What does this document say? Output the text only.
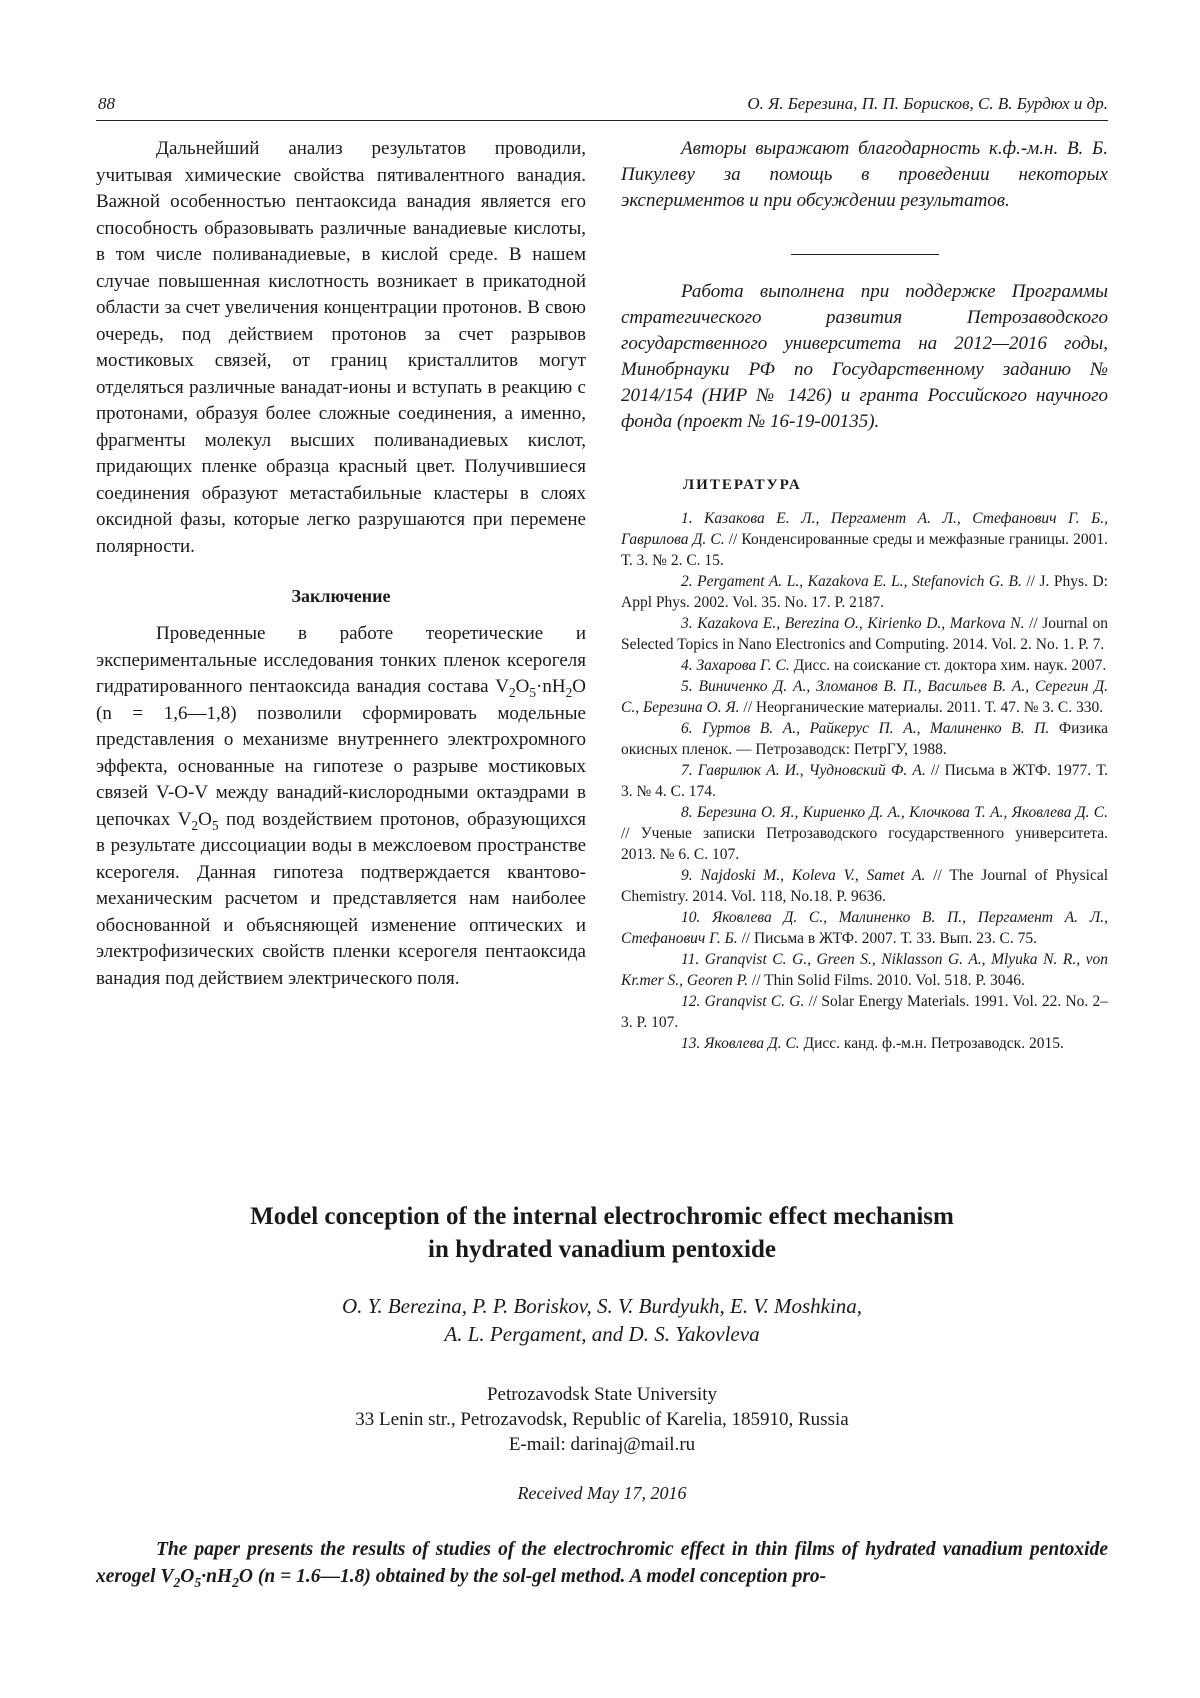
88	О. Я. Березина, П. П. Борисков, С. В. Бурдюх и др.

Дальнейший анализ результатов проводили, учитывая химические свойства пятивалентного ванадия. Важной особенностью пентаоксида ванадия является его способность образовывать различные ванадиевые кислоты, в том числе поливанадиевые, в кислой среде. В нашем случае повышенная кислотность возникает в прикатодной области за счет увеличения концентрации протонов. В свою очередь, под действием протонов за счет разрывов мостиковых связей, от границ кристаллитов могут отделяться различные ванадат-ионы и вступать в реакцию с протонами, образуя более сложные соединения, а именно, фрагменты молекул высших поливанадиевых кислот, придающих пленке образца красный цвет. Получившиеся соединения образуют метастабильные кластеры в слоях оксидной фазы, которые легко разрушаются при перемене полярности.

Заключение

Проведенные в работе теоретические и экспериментальные исследования тонких пленок ксерогеля гидратированного пентаоксида ванадия состава $V_2O_5\cdot nH_2O$ (n = 1,6—1,8) позволили сформировать модельные представления о механизме внутреннего электрохромного эффекта, основанные на гипотезе о разрыве мостиковых связей V-O-V между ванадий-кислородными октаэдрами в цепочках $V_2O_5$ под воздействием протонов, образующихся в результате диссоциации воды в межслоевом пространстве ксерогеля. Данная гипотеза подтверждается квантово-механическим расчетом и представляется нам наиболее обоснованной и объясняющей изменение оптических и электрофизических свойств пленки ксерогеля пентаоксида ванадия под действием электрического поля.

Авторы выражают благодарность к.ф.-м.н. В. Б. Пикулеву за помощь в проведении некоторых экспериментов и при обсуждении результатов.

Работа выполнена при поддержке Программы стратегического развития Петрозаводского государственного университета на 2012—2016 годы, Минобрнауки РФ по Государственному заданию № 2014/154 (НИР № 1426) и гранта Российского научного фонда (проект № 16-19-00135).

ЛИТЕРАТУРА
1. Казакова Е. Л., Пергамент А. Л., Стефанович Г. Б., Гаврилова Д. С. // Конденсированные среды и межфазные границы. 2001. Т. 3. № 2. С. 15.
2. Pergament A. L., Kazakova E. L., Stefanovich G. B. // J. Phys. D: Appl Phys. 2002. Vol. 35. No. 17. P. 2187.
3. Kazakova E., Berezina O., Kirienko D., Markova N. // Journal on Selected Topics in Nano Electronics and Computing. 2014. Vol. 2. No. 1. P. 7.
4. Захарова Г. С. Дисс. на соискание ст. доктора хим. наук. 2007.
5. Виниченко Д. А., Зломанов В. П., Васильев В. А., Серегин Д. С., Березина О. Я. // Неорганические материалы. 2011. Т. 47. № 3. С. 330.
6. Гуртов В. А., Райкерус П. А., Малиненко В. П. Физика окисных пленок. — Петрозаводск: ПетрГУ, 1988.
7. Гаврилюк А. И., Чудновский Ф. А. // Письма в ЖТФ. 1977. Т. 3. № 4. С. 174.
8. Березина О. Я., Кириенко Д. А., Клочкова Т. А., Яковлева Д. С. // Ученые записки Петрозаводского государственного университета. 2013. № 6. С. 107.
9. Najdoski M., Koleva V., Samet A. // The Journal of Physical Chemistry. 2014. Vol. 118, No.18. P. 9636.
10. Яковлева Д. С., Малиненко В. П., Пергамент А. Л., Стефанович Г. Б. // Письма в ЖТФ. 2007. Т. 33. Вып. 23. С. 75.
11. Granqvist C. G., Green S., Niklasson G. A., Mlyuka N. R., von Kr.mer S., Georen P. // Thin Solid Films. 2010. Vol. 518. P. 3046.
12. Granqvist C. G. // Solar Energy Materials. 1991. Vol. 22. No. 2–3. P. 107.
13. Яковлева Д. С. Дисс. канд. ф.-м.н. Петрозаводск. 2015.

Model conception of the internal electrochromic effect mechanism
in hydrated vanadium pentoxide

O. Y. Berezina, P. P. Boriskov, S. V. Burdyukh, E. V. Moshkina,
A. L. Pergament, and D. S. Yakovleva

Petrozavodsk State University
33 Lenin str., Petrozavodsk, Republic of Karelia, 185910, Russia
E-mail: darinaj@mail.ru

Received May 17, 2016

The paper presents the results of studies of the electrochromic effect in thin films of hydrated vanadium pentoxide xerogel $V_2O_5\cdot nH_2O$ (n = 1.6—1.8) obtained by the sol-gel method. A model conception pro-
